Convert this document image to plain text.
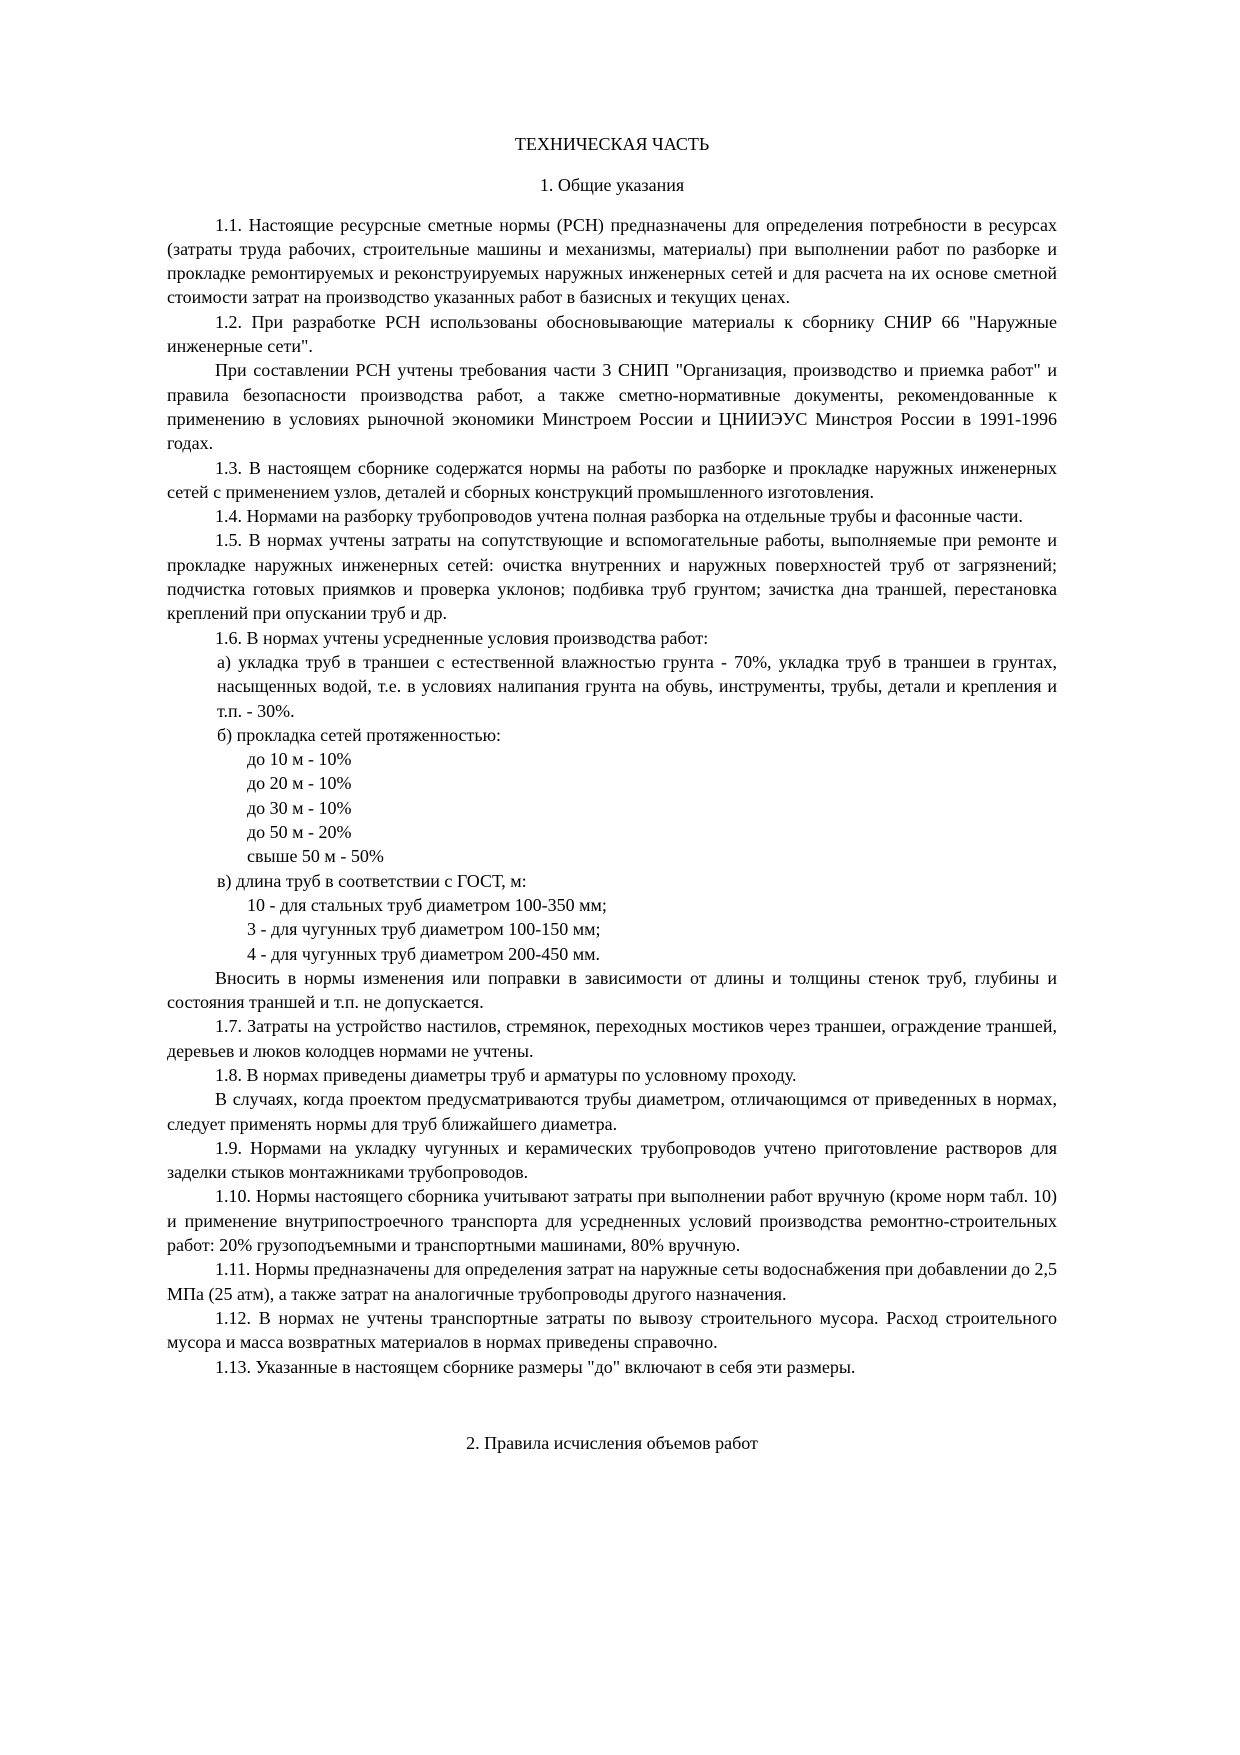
ТЕХНИЧЕСКАЯ ЧАСТЬ
1. Общие указания

1.1. Настоящие ресурсные сметные нормы (РСН) предназначены для определения потребности в ресурсах (затраты труда рабочих, строительные машины и механизмы, материалы) при выполнении работ по разборке и прокладке ремонтируемых и реконструируемых наружных инженерных сетей и для расчета на их основе сметной стоимости затрат на производство указанных работ в базисных и текущих ценах.

1.2. При разработке РСН использованы обосновывающие материалы к сборнику СНИР 66 "Наружные инженерные сети".

При составлении РСН учтены требования части 3 СНИП "Организация, производство и приемка работ" и правила безопасности производства работ, а также сметно-нормативные документы, рекомендованные к применению в условиях рыночной экономики Минстроем России и ЦНИИЭУС Минстроя России в 1991-1996 годах.

1.3. В настоящем сборнике содержатся нормы на работы по разборке и прокладке наружных инженерных сетей с применением узлов, деталей и сборных конструкций промышленного изготовления.

1.4. Нормами на разборку трубопроводов учтена полная разборка на отдельные трубы и фасонные части.

1.5. В нормах учтены затраты на сопутствующие и вспомогательные работы, выполняемые при ремонте и прокладке наружных инженерных сетей: очистка внутренних и наружных поверхностей труб от загрязнений; подчистка готовых приямков и проверка уклонов; подбивка труб грунтом; зачистка дна траншей, перестановка креплений при опускании труб и др.

1.6. В нормах учтены усредненные условия производства работ:

а) укладка труб в траншеи с естественной влажностью грунта - 70%, укладка труб в траншеи в грунтах, насыщенных водой, т.е. в условиях налипания грунта на обувь, инструменты, трубы, детали и крепления и т.п. - 30%.

б) прокладка сетей протяженностью:

до 10 м - 10%

до 20 м - 10%

до 30 м - 10%

до 50 м - 20%

свыше 50 м - 50%

в) длина труб в соответствии с ГОСТ, м:

10 - для стальных труб диаметром 100-350 мм;

3 - для чугунных труб диаметром 100-150 мм;

4 - для чугунных труб диаметром 200-450 мм.

Вносить в нормы изменения или поправки в зависимости от длины и толщины стенок труб, глубины и состояния траншей и т.п. не допускается.

1.7. Затраты на устройство настилов, стремянок, переходных мостиков через траншеи, ограждение траншей, деревьев и люков колодцев нормами не учтены.

1.8. В нормах приведены диаметры труб и арматуры по условному проходу.

В случаях, когда проектом предусматриваются трубы диаметром, отличающимся от приведенных в нормах, следует применять нормы для труб ближайшего диаметра.

1.9. Нормами на укладку чугунных и керамических трубопроводов учтено приготовление растворов для заделки стыков монтажниками трубопроводов.

1.10. Нормы настоящего сборника учитывают затраты при выполнении работ вручную (кроме норм табл. 10) и применение внутрипостроечного транспорта для усредненных условий производства ремонтно-строительных работ: 20% грузоподъемными и транспортными машинами, 80% вручную.

1.11. Нормы предназначены для определения затрат на наружные сеты водоснабжения при добавлении до 2,5 МПа (25 атм), а также затрат на аналогичные трубопроводы другого назначения.

1.12. В нормах не учтены транспортные затраты по вывозу строительного мусора. Расход строительного мусора и масса возвратных материалов в нормах приведены справочно.

1.13. Указанные в настоящем сборнике размеры "до" включают в себя эти размеры.

2. Правила исчисления объемов работ
